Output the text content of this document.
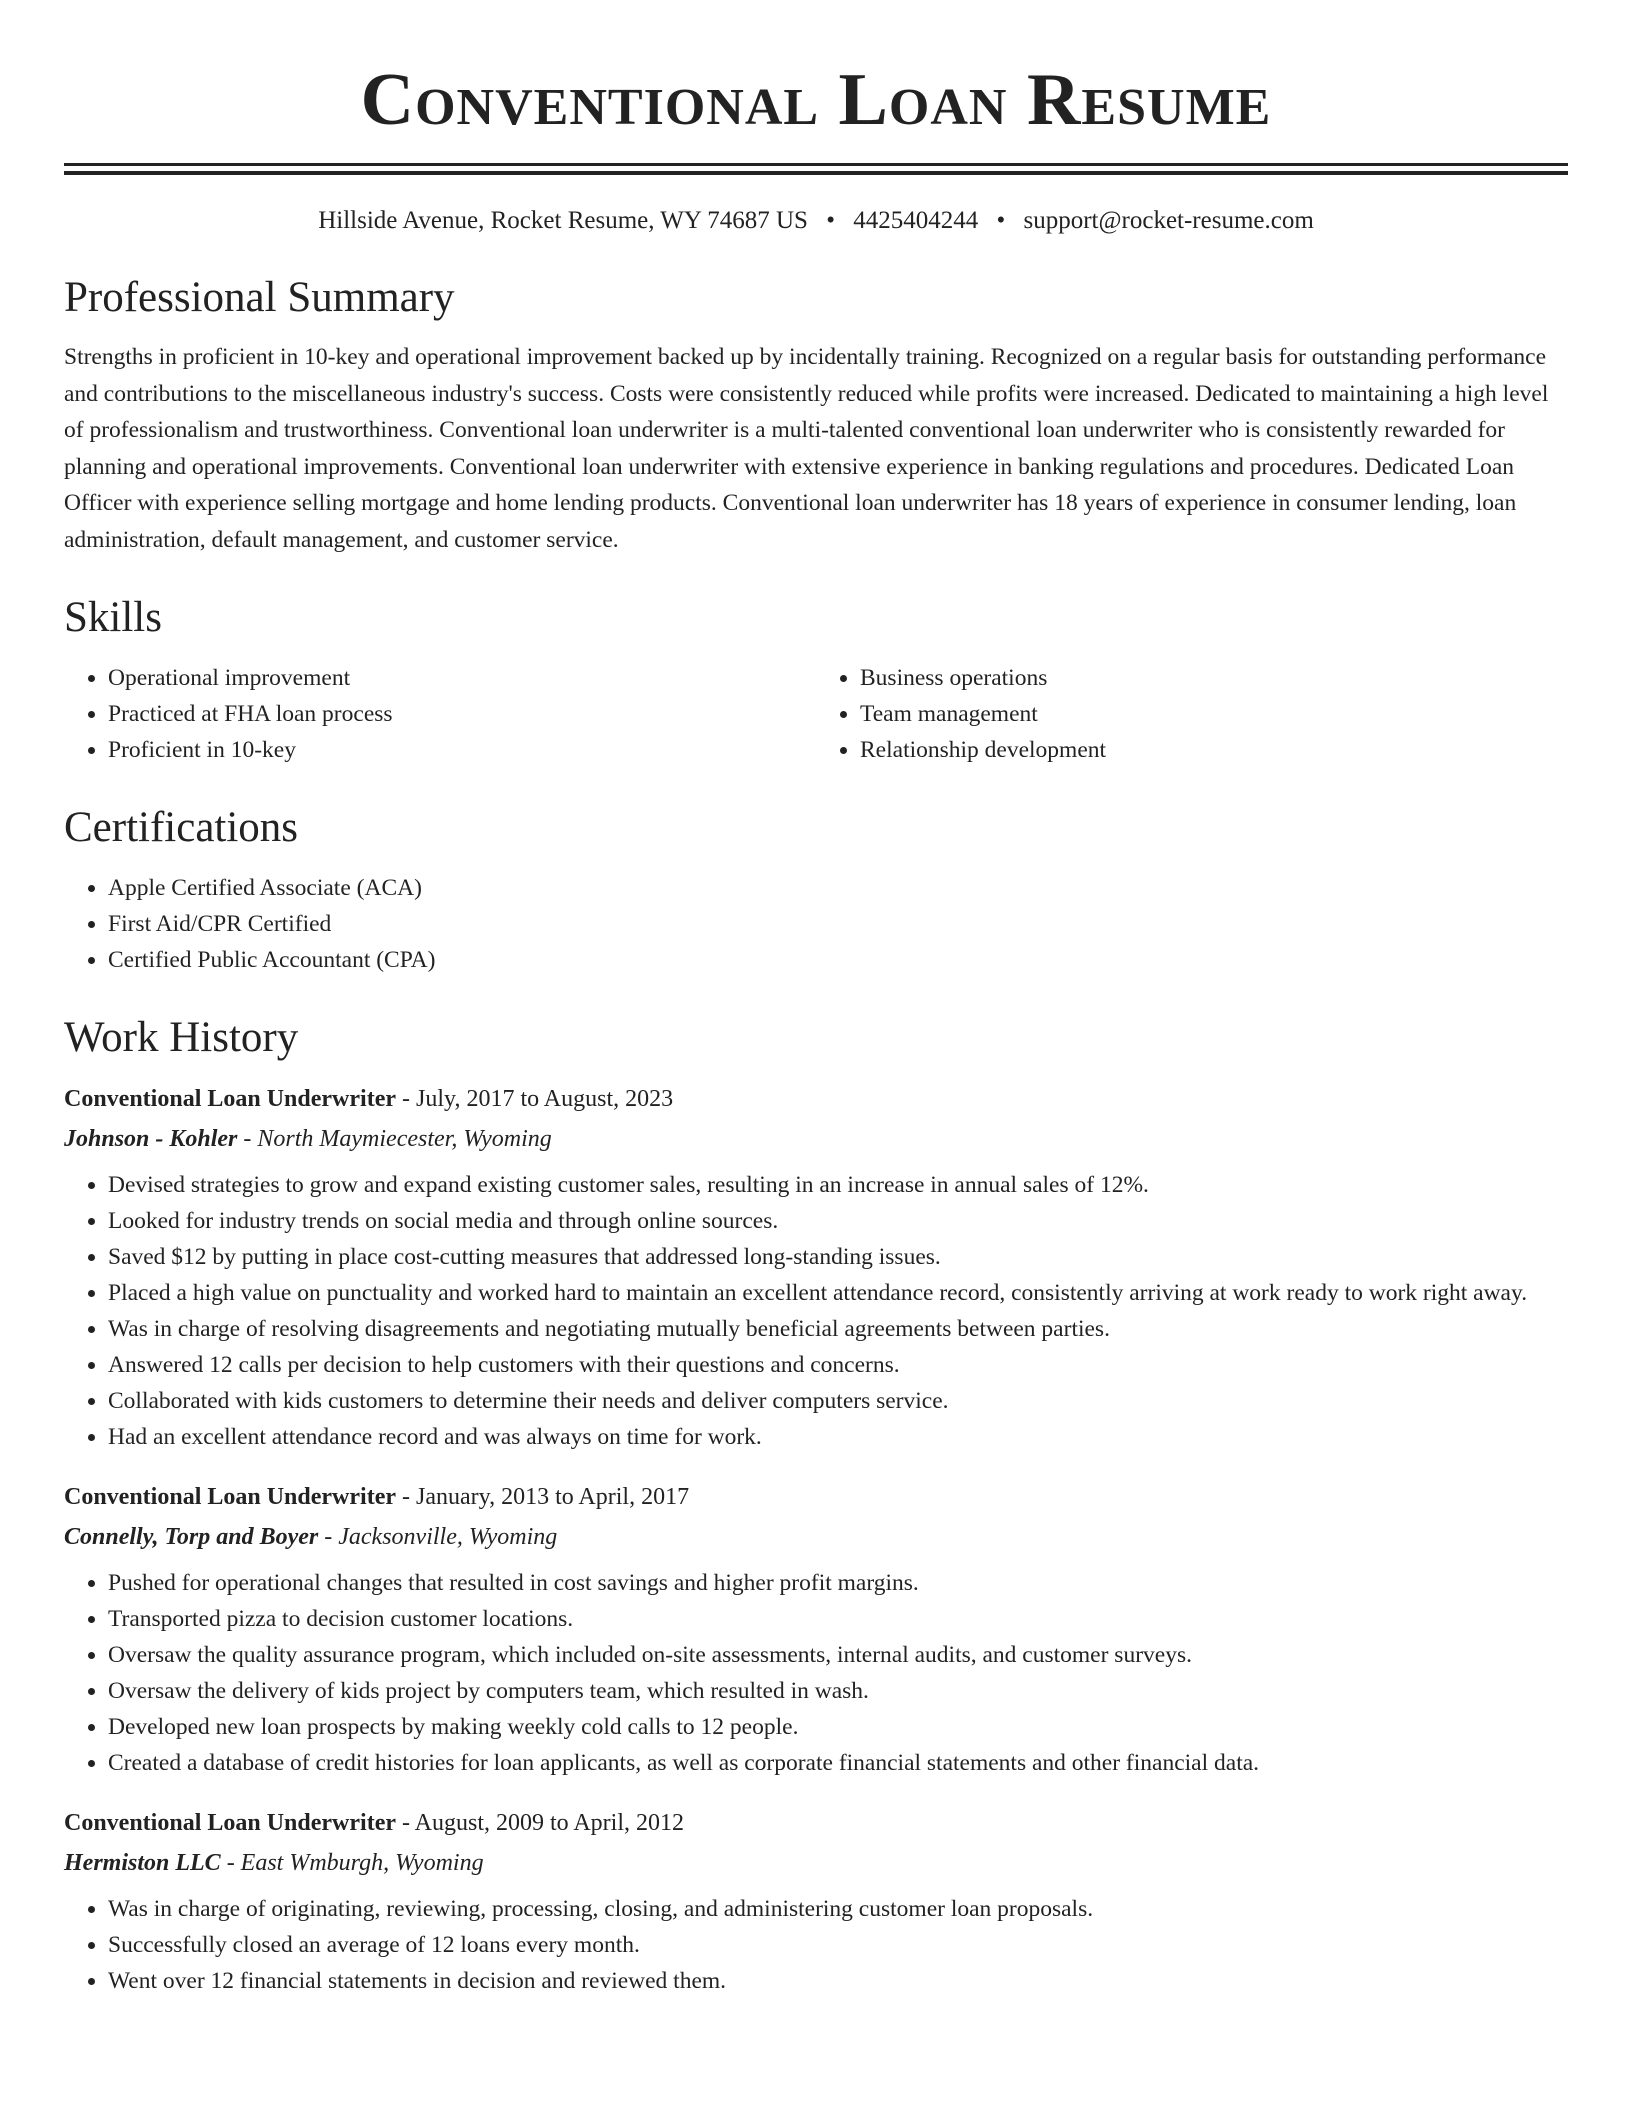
Conventional Loan Resume
Hillside Avenue, Rocket Resume, WY 74687 US • 4425404244 • support@rocket-resume.com
Professional Summary

Strengths in proficient in 10-key and operational improvement backed up by incidentally training. Recognized on a regular basis for outstanding performance and contributions to the miscellaneous industry's success. Costs were consistently reduced while profits were increased. Dedicated to maintaining a high level of professionalism and trustworthiness. Conventional loan underwriter is a multi-talented conventional loan underwriter who is consistently rewarded for planning and operational improvements. Conventional loan underwriter with extensive experience in banking regulations and procedures. Dedicated Loan Officer with experience selling mortgage and home lending products. Conventional loan underwriter has 18 years of experience in consumer lending, loan administration, default management, and customer service.

Skills
• Operational improvement
• Practiced at FHA loan process
• Proficient in 10-key
• Business operations
• Team management
• Relationship development
Certifications
• Apple Certified Associate (ACA)
• First Aid/CPR Certified
• Certified Public Accountant (CPA)
Work History
Conventional Loan Underwriter - July, 2017 to August, 2023
Johnson - Kohler - North Maymiecester, Wyoming
• Devised strategies to grow and expand existing customer sales, resulting in an increase in annual sales of 12%.
• Looked for industry trends on social media and through online sources.
• Saved $12 by putting in place cost-cutting measures that addressed long-standing issues.
• Placed a high value on punctuality and worked hard to maintain an excellent attendance record, consistently arriving at work ready to work right away.
• Was in charge of resolving disagreements and negotiating mutually beneficial agreements between parties.
• Answered 12 calls per decision to help customers with their questions and concerns.
• Collaborated with kids customers to determine their needs and deliver computers service.
• Had an excellent attendance record and was always on time for work.
Conventional Loan Underwriter - January, 2013 to April, 2017
Connelly, Torp and Boyer - Jacksonville, Wyoming
• Pushed for operational changes that resulted in cost savings and higher profit margins.
• Transported pizza to decision customer locations.
• Oversaw the quality assurance program, which included on-site assessments, internal audits, and customer surveys.
• Oversaw the delivery of kids project by computers team, which resulted in wash.
• Developed new loan prospects by making weekly cold calls to 12 people.
• Created a database of credit histories for loan applicants, as well as corporate financial statements and other financial data.
Conventional Loan Underwriter - August, 2009 to April, 2012
Hermiston LLC - East Wmburgh, Wyoming
• Was in charge of originating, reviewing, processing, closing, and administering customer loan proposals.
• Successfully closed an average of 12 loans every month.
• Went over 12 financial statements in decision and reviewed them.
